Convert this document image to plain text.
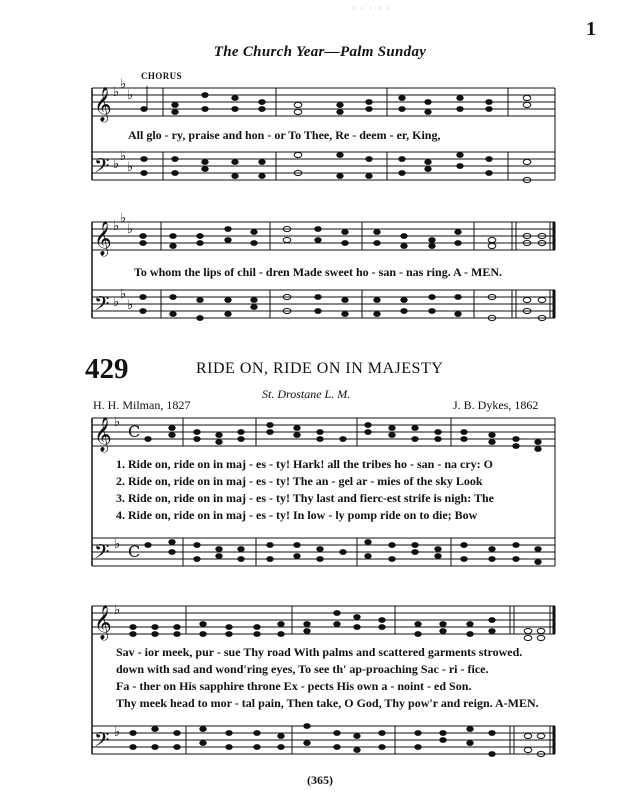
· · · · ·
1
The Church Year—Palm Sunday
𝄞
𝄢
𝄞
𝄢
𝄞
𝄢
𝄞
𝄢
♭
♭
♭
♭
♭
♭
♭
♭
♭
♭
♭
♭
♭
♭
♭
♭
C
C
CHORUS
All glo - ry, praise and hon - or To Thee, Re - deem - er, King,
To whom the lips of chil - dren Made sweet ho - san - nas ring. A - MEN.
429	RIDE ON, RIDE ON IN MAJESTY
St. Drostane L. M.
H. H. Milman, 1827	J. B. Dykes, 1862
1. Ride on, ride on in maj - es - ty! Hark! all the tribes ho - san - na cry: O
2. Ride on, ride on in maj - es - ty! The an - gel ar - mies of the sky Look
3. Ride on, ride on in maj - es - ty! Thy last and fierc-est strife is nigh: The
4. Ride on, ride on in maj - es - ty! In low - ly pomp ride on to die; Bow
Sav - ior meek, pur - sue Thy road With palms and scattered garments strowed.
down with sad and wond'ring eyes, To see th' ap-proaching Sac - ri - fice.
Fa - ther on His sapphire throne Ex - pects His own a - noint - ed Son.
Thy meek head to mor - tal pain, Then take, O God, Thy pow'r and reign. A-MEN.
(365)
